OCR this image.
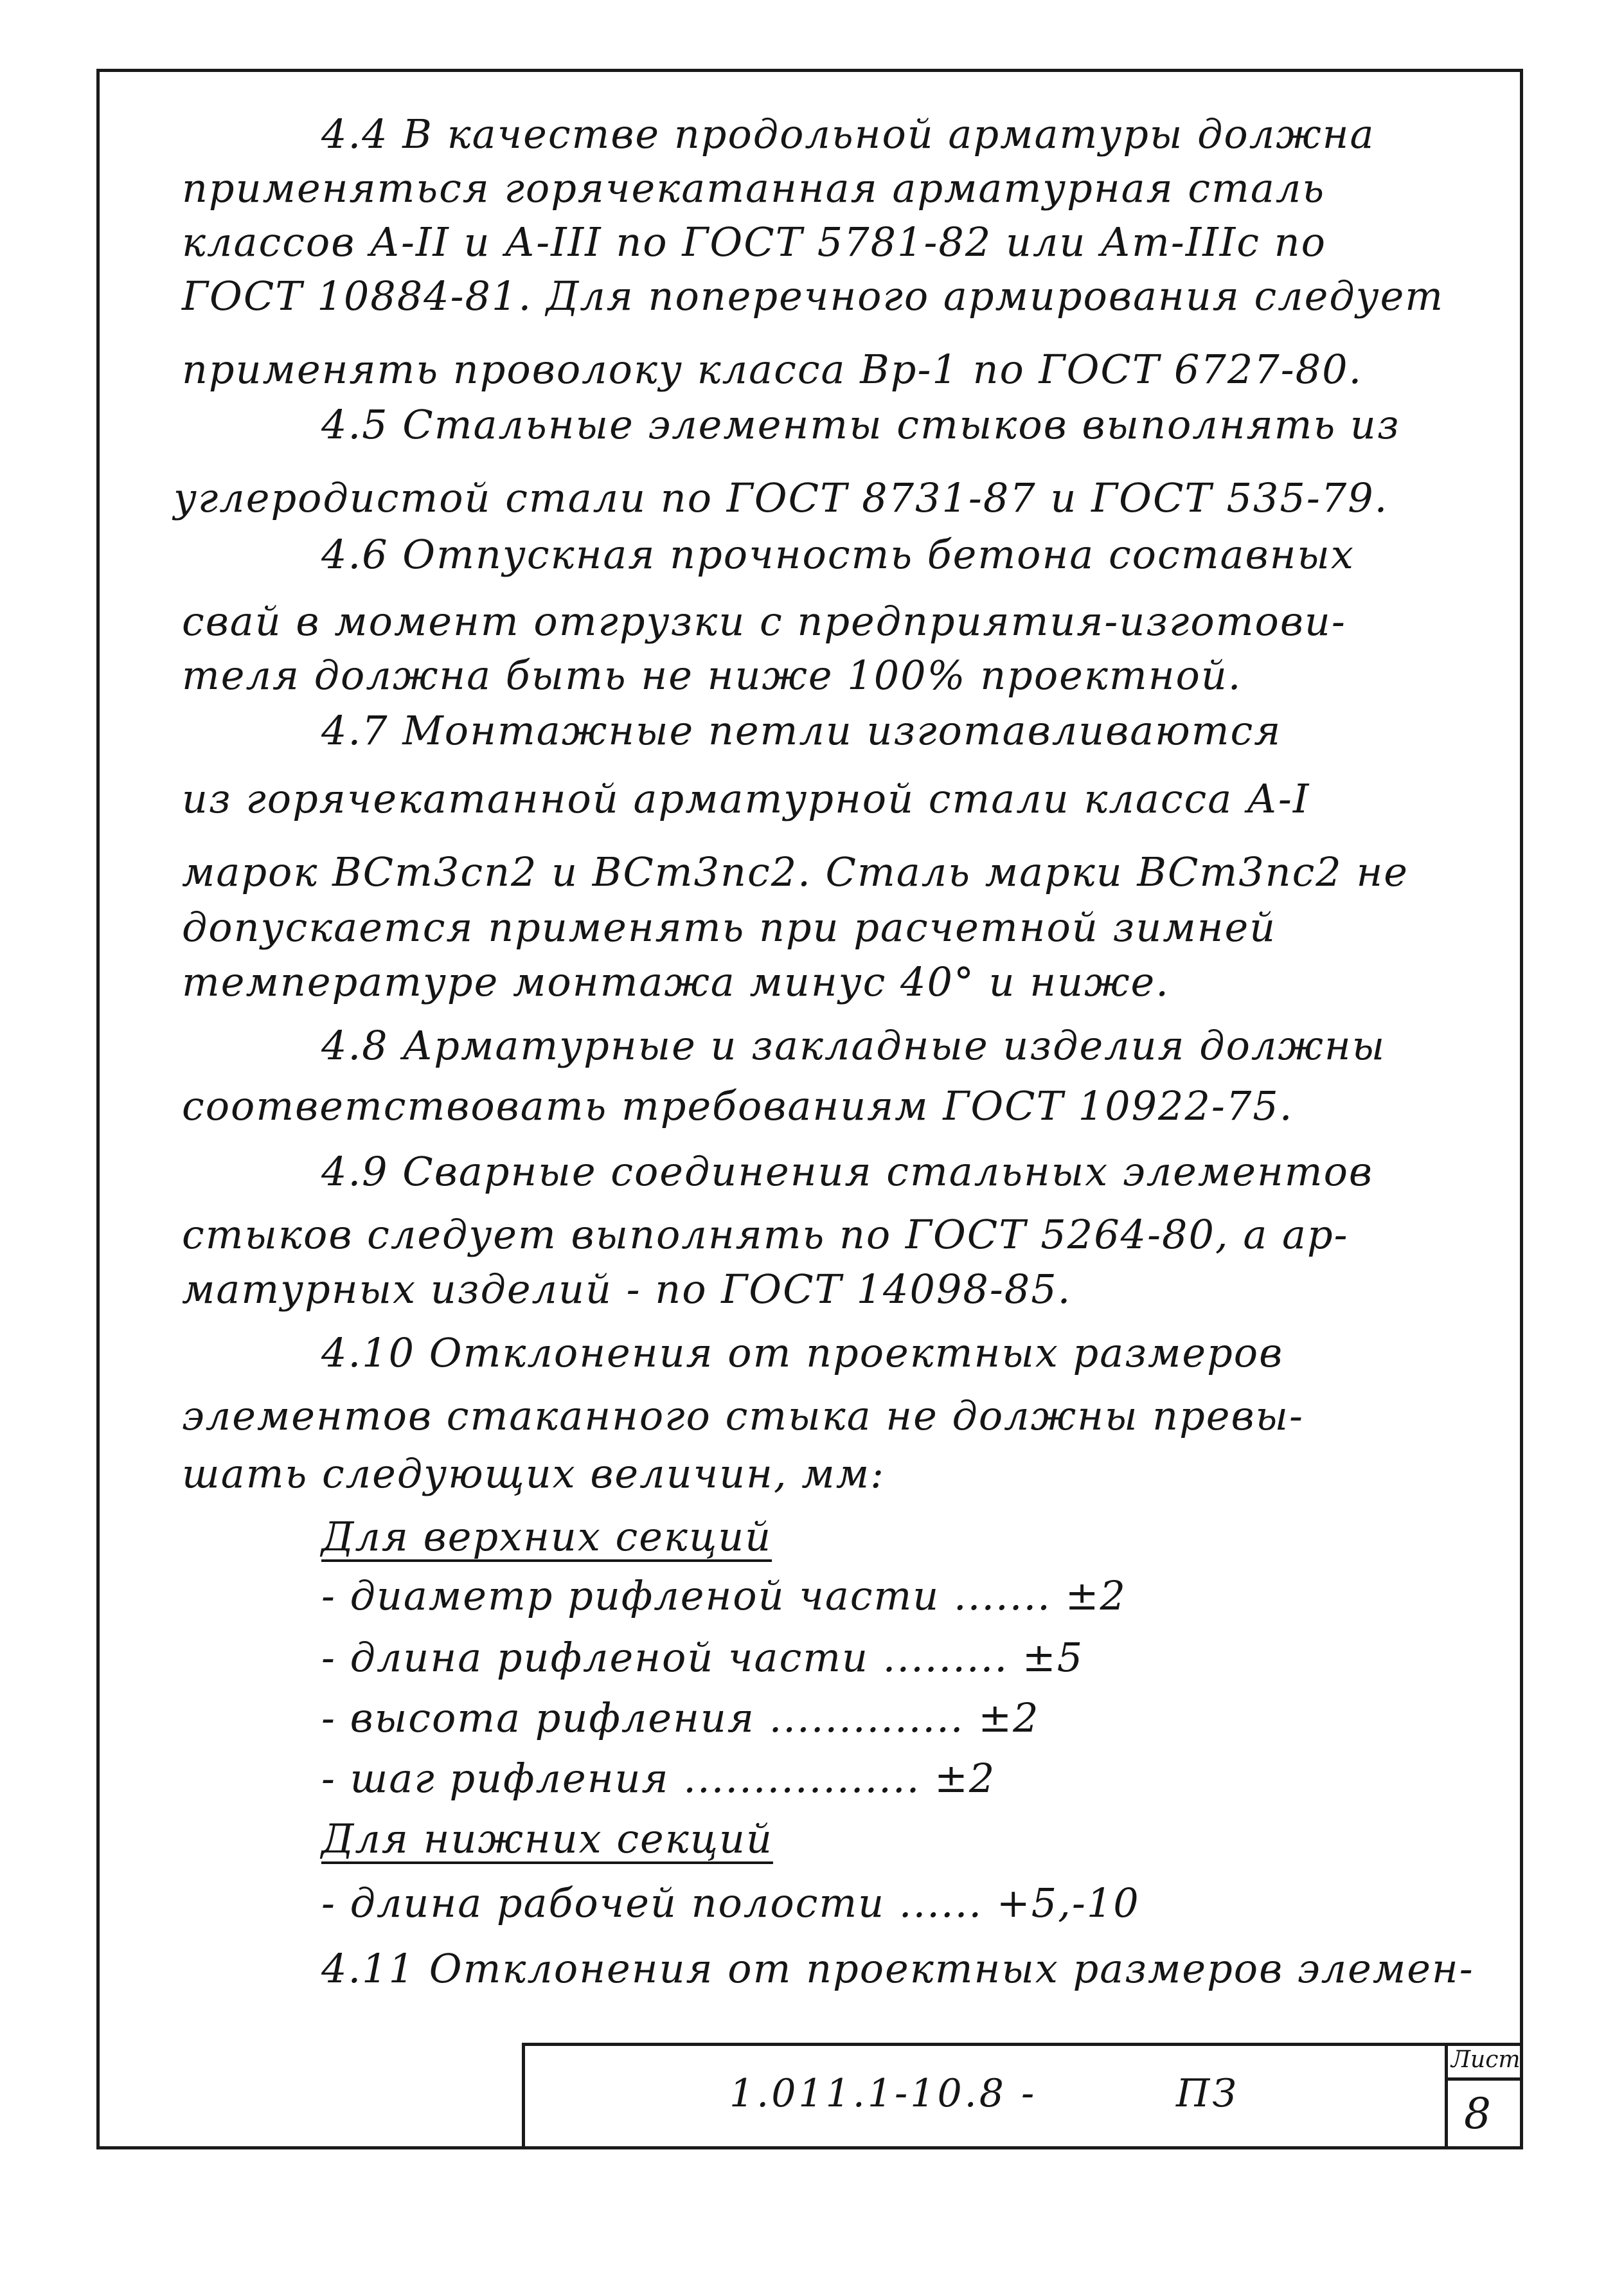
4.4 В качестве продольной арматуры должна
применяться горячекатанная арматурная сталь
классов А-II и А-III по ГОСТ 5781-82 или Ат-IIIс по
ГОСТ 10884-81. Для поперечного армирования следует
применять проволоку класса Вр-1 по ГОСТ 6727-80.
4.5 Стальные элементы стыков выполнять из
углеродистой стали по ГОСТ 8731-87 и ГОСТ 535-79.
4.6 Отпускная прочность бетона составных
свай в момент отгрузки с предприятия-изготови-
теля должна быть не ниже 100% проектной.
4.7 Монтажные петли изготавливаются
из горячекатанной арматурной стали класса А-I
марок ВСт3сп2 и ВСт3пс2. Сталь марки ВСт3пс2 не
допускается применять при расчетной зимней
температуре монтажа минус 40° и ниже.
4.8 Арматурные и закладные изделия должны
соответствовать требованиям ГОСТ 10922-75.
4.9 Сварные соединения стальных элементов
стыков следует выполнять по ГОСТ 5264-80, а ар-
матурных изделий - по ГОСТ 14098-85.
4.10 Отклонения от проектных размеров
элементов стаканного стыка не должны превы-
шать следующих величин, мм:
Для верхних секций
- диаметр рифленой части ....... ±2
- длина рифленой части ......... ±5
- высота рифления .............. ±2
- шаг рифления ................. ±2
Для нижних секций
- длина рабочей полости ...... +5,-10
4.11 Отклонения от проектных размеров элемен-
1.011.1-10.8 -	ПЗ
Лист
8
